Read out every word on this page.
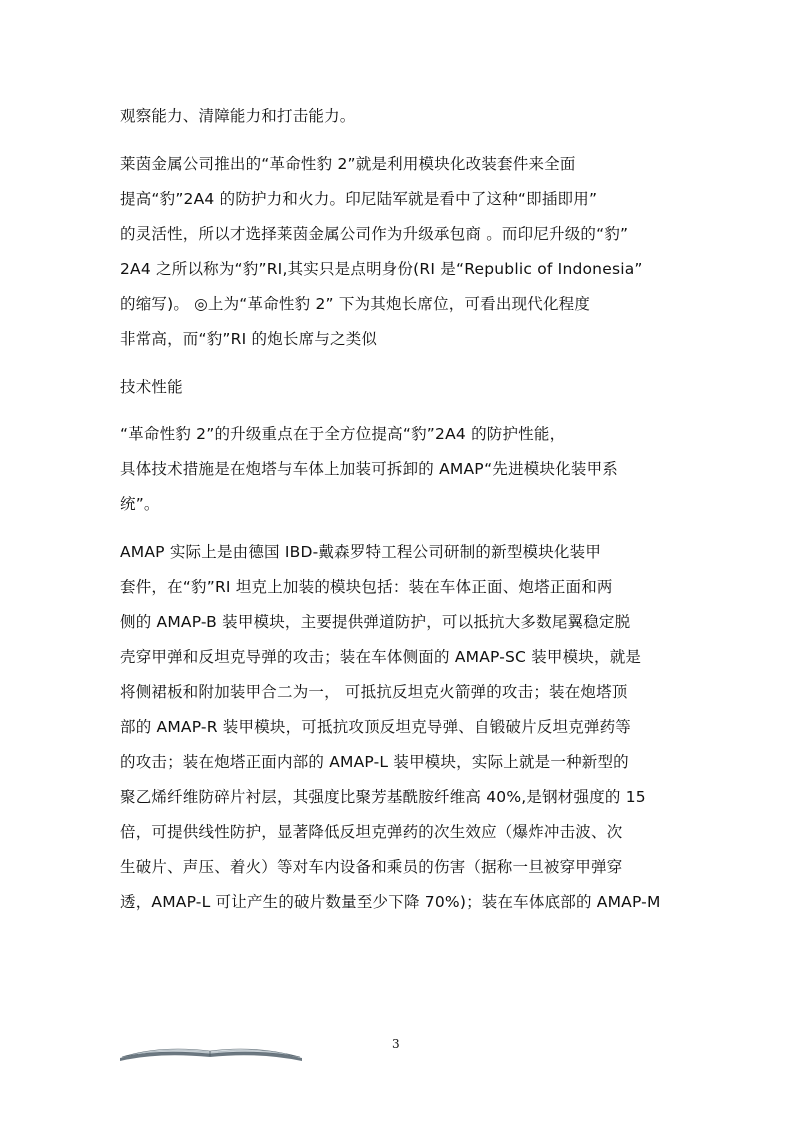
观察能力、清障能力和打击能力。
莱茵金属公司推出的“革命性豹 2”就是利用模块化改装套件来全面
提高“豹”2A4 的防护力和火力。印尼陆军就是看中了这种“即插即用”
的灵活性，所以才选择莱茵金属公司作为升级承包商 。而印尼升级的“豹”
2A4 之所以称为“豹”RI,其实只是点明身份(RI 是“Republic of Indonesia”
的缩写)。 ◎上为“革命性豹 2” 下为其炮长席位，可看出现代化程度
非常高，而“豹”RI 的炮长席与之类似
技术性能
“革命性豹 2”的升级重点在于全方位提高“豹”2A4 的防护性能，
具体技术措施是在炮塔与车体上加装可拆卸的 AMAP“先进模块化装甲系
统”。
AMAP 实际上是由德国 IBD-戴森罗特工程公司研制的新型模块化装甲
套件，在“豹”RI 坦克上加装的模块包括：装在车体正面、炮塔正面和两
侧的 AMAP-B 装甲模块，主要提供弹道防护，可以抵抗大多数尾翼稳定脱
壳穿甲弹和反坦克导弹的攻击；装在车体侧面的 AMAP-SC 装甲模块，就是
将侧裙板和附加装甲合二为一， 可抵抗反坦克火箭弹的攻击；装在炮塔顶
部的 AMAP-R 装甲模块，可抵抗攻顶反坦克导弹、自锻破片反坦克弹药等
的攻击；装在炮塔正面内部的 AMAP-L 装甲模块，实际上就是一种新型的
聚乙烯纤维防碎片衬层，其强度比聚芳基酰胺纤维高 40%,是钢材强度的 15
倍，可提供线性防护，显著降低反坦克弹药的次生效应（爆炸冲击波、次
生破片、声压、着火）等对车内设备和乘员的伤害（据称一旦被穿甲弹穿
透，AMAP-L 可让产生的破片数量至少下降 70%)；装在车体底部的 AMAP-M
3
